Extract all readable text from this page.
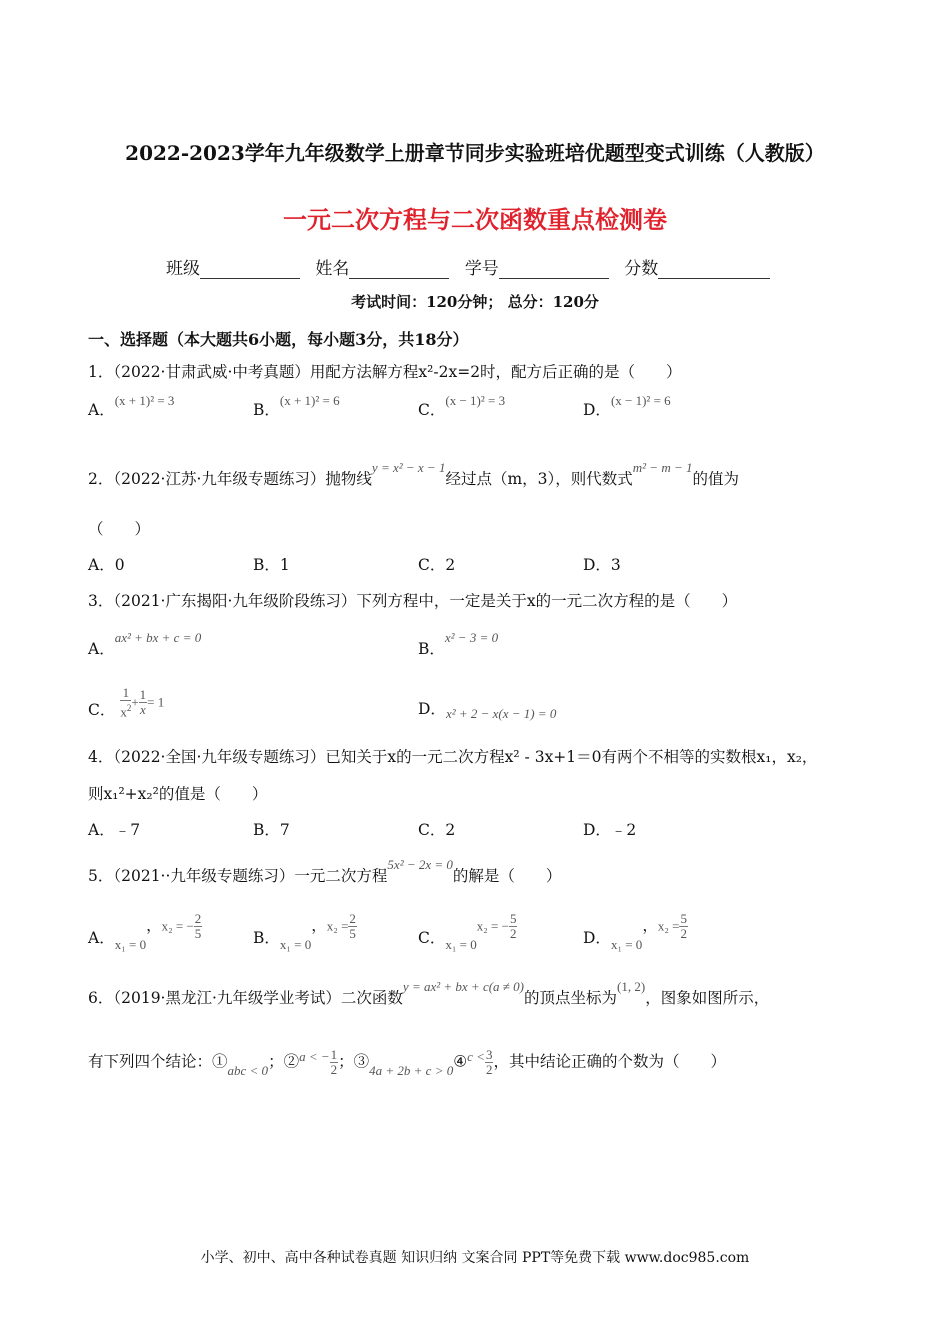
2022-2023学年九年级数学上册章节同步实验班培优题型变式训练（人教版）
一元二次方程与二次函数重点检测卷
班级	姓名	学号	分数
考试时间：120分钟； 总分：120分
一、选择题（本大题共6小题，每小题3分，共18分）
1．（2022·甘肃武威·中考真题）用配方法解方程x²-2x=2时，配方后正确的是（　　）
A．$^{(x + 1)^2 = 3}$
B．$^{(x + 1)^2 = 6}$
C．$^{(x - 1)^2 = 3}$
D．$^{(x - 1)^2 = 6}$
2．（2022·江苏·九年级专题练习）抛物线$^{y = x^2 - x - 1}$经过点（m，3），则代数式$^{m^2 - m - 1}$的值为
（　　）
A．0	B．1	C．2	D．3
3．（2021·广东揭阳·九年级阶段练习）下列方程中，一定是关于x的一元二次方程的是（　　）
A．$^{ax^2 + bx + c = 0}$
B．$^{x^2 - 3 = 0}$
C． $\frac{1}{x^2} + \frac{1}{x} = 1$	D．$_{x^2 + 2 - x(x - 1) = 0}$
4．（2022·全国·九年级专题练习）已知关于x的一元二次方程x² - 3x+1＝0有两个不相等的实数根x₁，x₂，
则x₁²+x₂²的值是（　　）
A．﹣7	B．7	C．2	D．﹣2
5．（2021··九年级专题练习）一元二次方程$^{5x^2 - 2x = 0}$的解是（　　）
A．$_{x_1 = 0}$，x₂ = − $\frac{2}{5}$	B．$_{x_1 = 0}$，$x_2 = \frac{2}{5}$	C．$_{x_1 = 0}$x₂ = − $\frac{5}{2}$	D．$_{x_1 = 0}$，$x_2 = \frac{5}{2}$
6．（2019·黑龙江·九年级学业考试）二次函数$^{y = ax^2 + bx + c(a \ne 0)}$的顶点坐标为$^{(1, 2)}$，图象如图所示，
有下列四个结论：$①_{abc < 0}$；②$^{a < -}$ $\frac{1}{2}$ ；$③_{4a + 2b + c > 0}④^{c <} \frac{3}{2}$ ，其中结论正确的个数为（　　）
小学、初中、高中各种试卷真题 知识归纳 文案合同 PPT等免费下载 www.doc985.com
